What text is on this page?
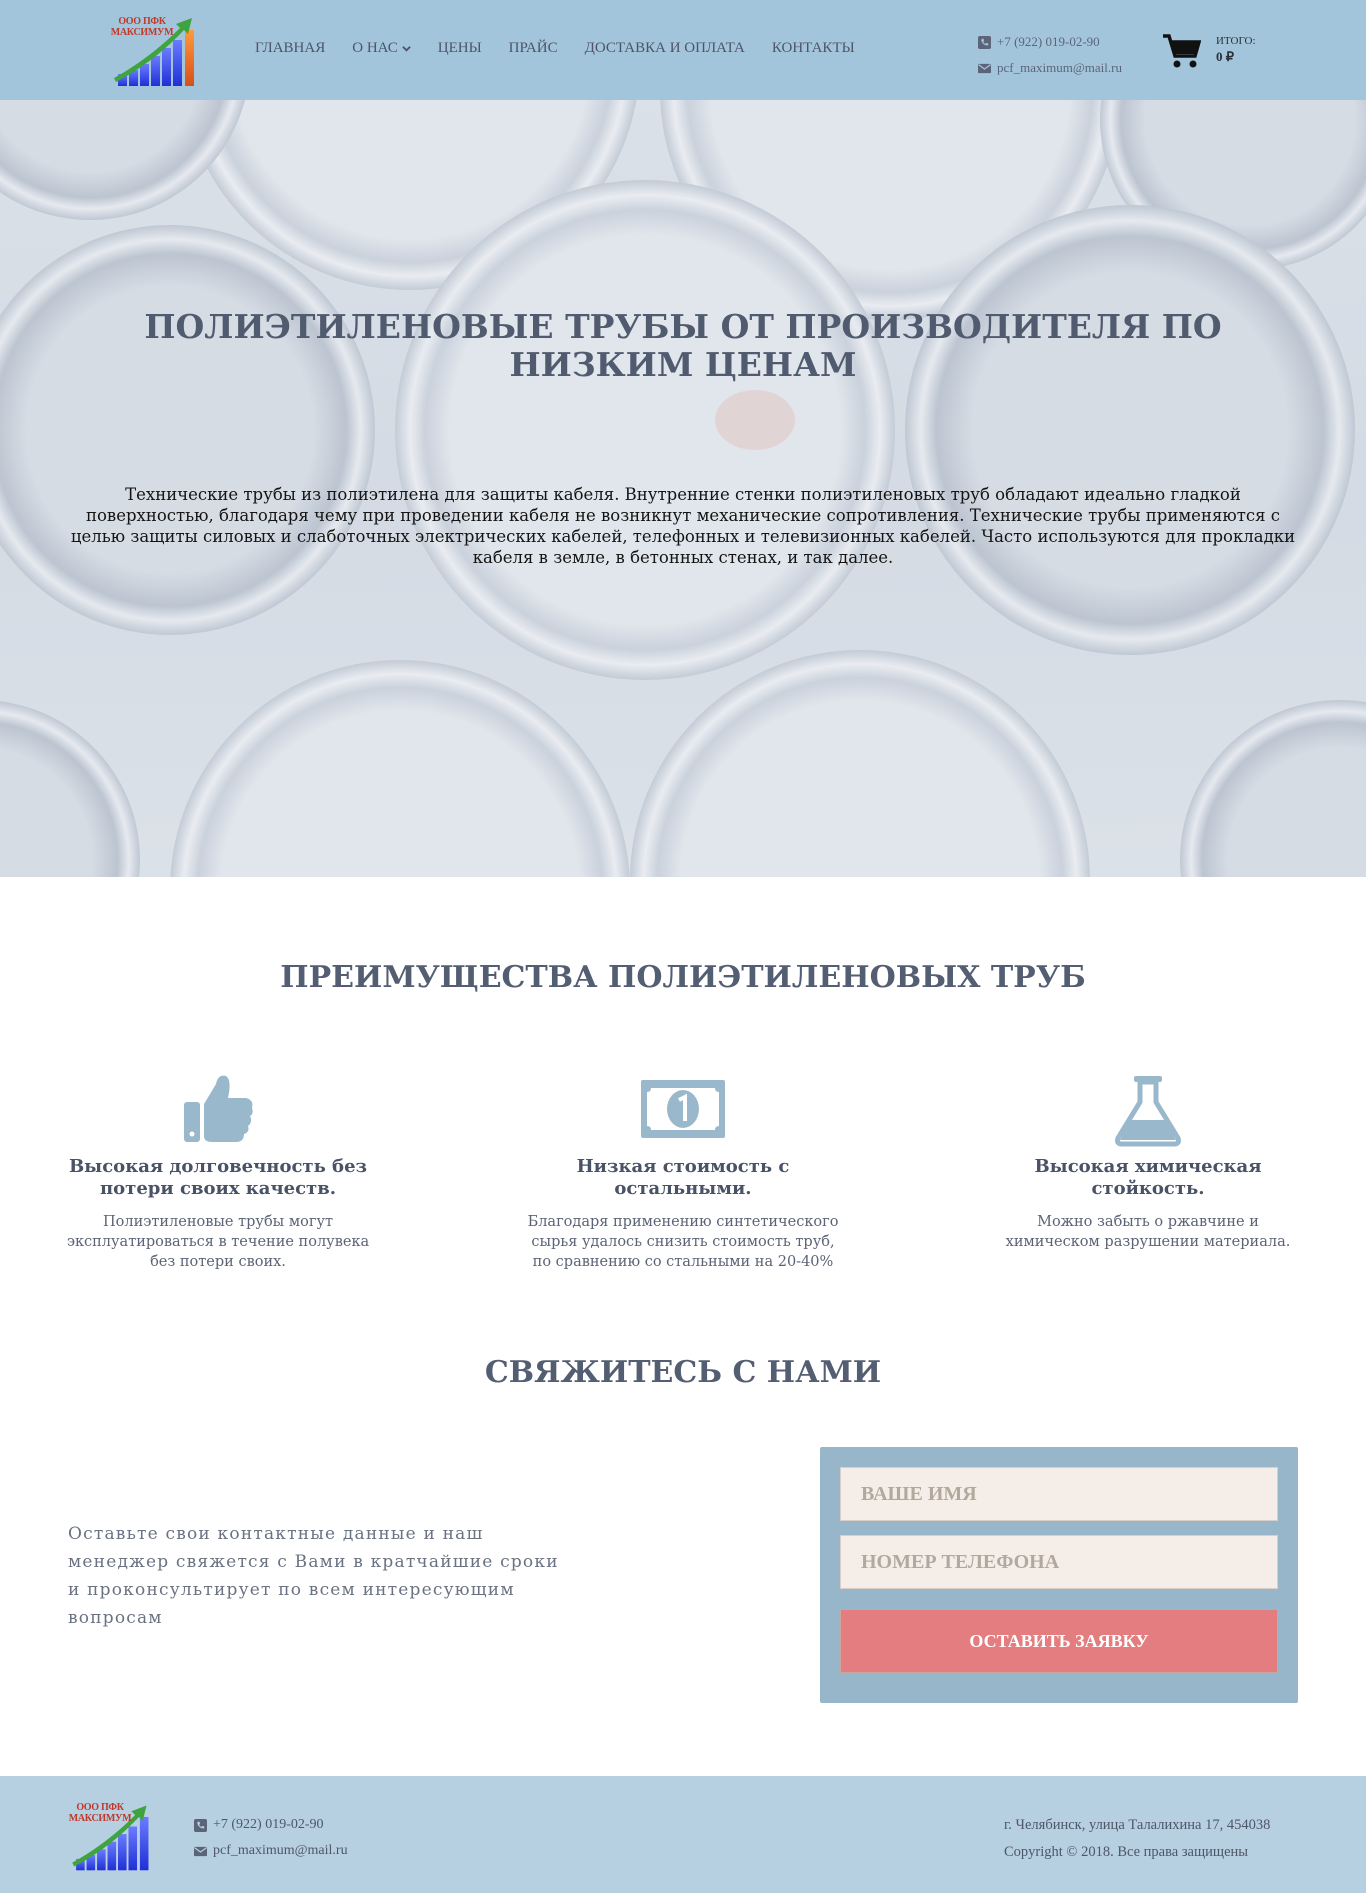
ООО ПФК
МАКСИМУМ
ГЛАВНАЯ О НАС	ЦЕНЫ ПРАЙС ДОСТАВКА И ОПЛАТА КОНТАКТЫ	+7 (922) 019-02-90
pcf_maximum@mail.ru
ИТОГО:
0 ₽
ПОЛИЭТИЛЕНОВЫЕ ТРУБЫ ОТ ПРОИЗВОДИТЕЛЯ ПО НИЗКИМ ЦЕНАМ

Технические трубы из полиэтилена для защиты кабеля. Внутренние стенки полиэтиленовых труб обладают идеально гладкой поверхностью, благодаря чему при проведении кабеля не возникнут механические сопротивления. Технические трубы применяются с целью защиты силовых и слаботочных электрических кабелей, телефонных и телевизионных кабелей. Часто используются для прокладки кабеля в земле, в бетонных стенах, и так далее.

ПРЕИМУЩЕСТВА ПОЛИЭТИЛЕНОВЫХ ТРУБ
Высокая долговечность без потери своих качеств.
Полиэтиленовые трубы могут эксплуатироваться в течение полувека без потери своих.
Низкая стоимость с остальными.
Благодаря применению синтетического сырья удалось снизить стоимость труб, по сравнению со стальными на 20-40%
Высокая химическая стойкость.
Можно забыть о ржавчине и химическом разрушении материала.
СВЯЖИТЕСЬ С НАМИ

Оставьте свои контактные данные и наш менеджер свяжется с Вами в кратчайшие сроки и проконсультирует по всем интересующим вопросам

Ваше имя
Номер телефона
ОСТАВИТЬ ЗАЯВКУ
ООО ПФК
МАКСИМУМ	+7 (922) 019-02-90
pcf_maximum@mail.ru
г. Челябинск, улица Талалихина 17, 454038
Copyright © 2018. Все права защищены
